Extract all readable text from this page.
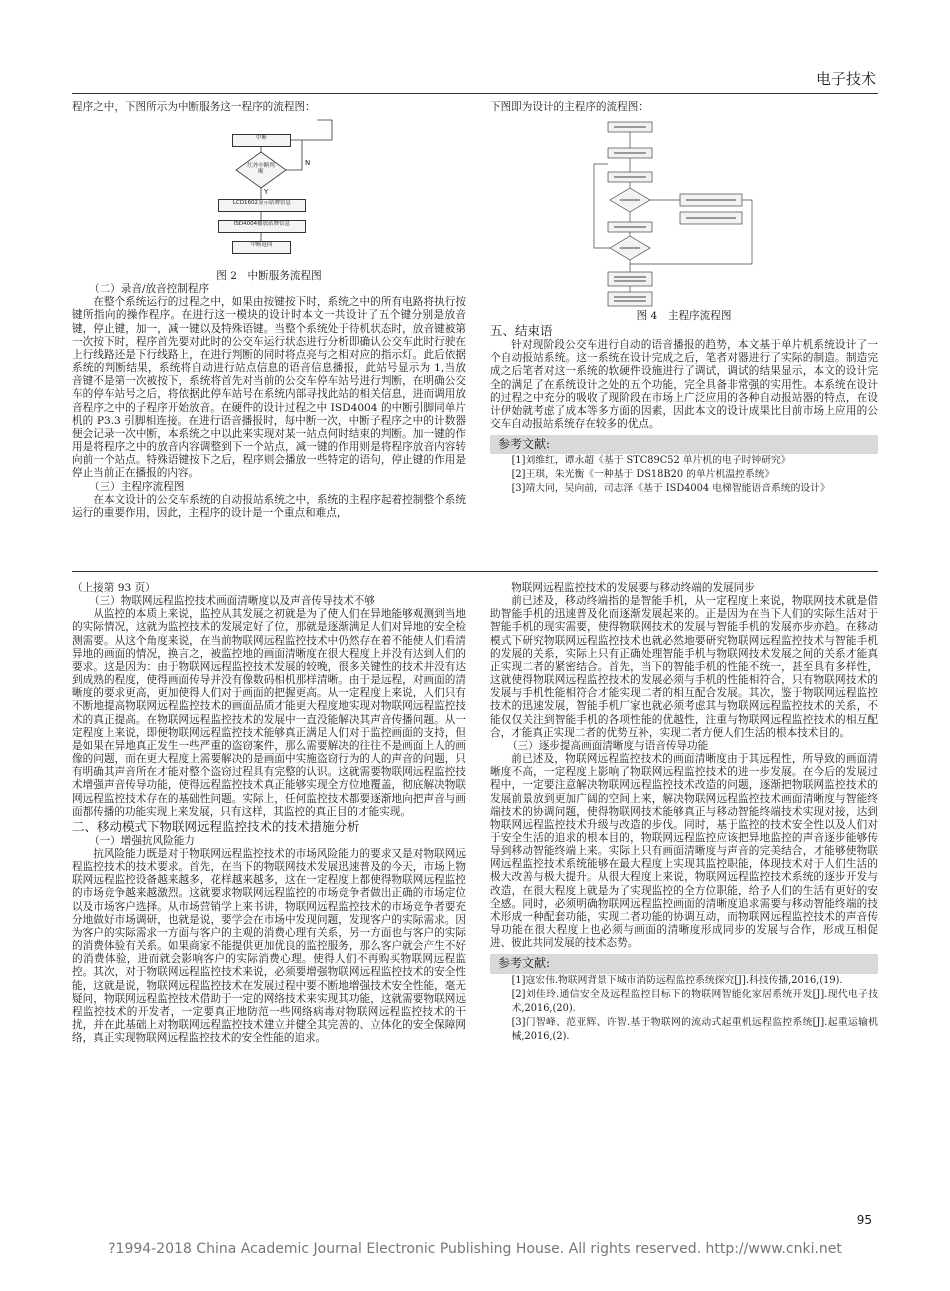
电子技术

程序之中，下图所示为中断服务这一程序的流程图：

中断
红外中断判断
LCD1602显示站牌信息
ISD4004播放站牌信息
中断返回
N
Y

图 2　中断服务流程图

（二）录音/放音控制程序

在整个系统运行的过程之中，如果由按键按下时，系统之中的所有电路将执行按键所指向的操作程序。在进行这一模块的设计时本文一共设计了五个键分别是放音键，停止键，加一，减一键以及特殊语键。当整个系统处于待机状态时，放音键被第一次按下时，程序首先要对此时的公交车运行状态进行分析即确认公交车此时行驶在上行线路还是下行线路上，在进行判断的同时将点亮与之相对应的指示灯。此后依据系统的判断结果，系统将自动进行站点信息的语音信息播报，此站号显示为 1,当放音键不是第一次被按下，系统将首先对当前的公交车停车站号进行判断，在明确公交车的停车站号之后，将依据此停车站号在系统内部寻找此站的相关信息，进而调用放音程序之中的子程序开始放音。在硬件的设计过程之中 ISD4004 的中断引脚同单片机的 P3.3 引脚相连接。在进行语音播报时，每中断一次，中断子程序之中的计数器便会记录一次中断，本系统之中以此来实现对某一站点何时结束的判断。加一键的作用是将程序之中的放音内容调整到下一个站点，减一键的作用则是将程序放音内容转向前一个站点。特殊语键按下之后，程序则会播放一些特定的语句，停止键的作用是停止当前正在播报的内容。

（三）主程序流程图

在本文设计的公交车系统的自动报站系统之中，系统的主程序起着控制整个系统运行的重要作用，因此，主程序的设计是一个重点和难点，

下图即为设计的主程序的流程图：

图 4　主程序流程图

五、结束语

针对现阶段公交车进行自动的语音播报的趋势，本文基于单片机系统设计了一个自动报站系统。这一系统在设计完成之后，笔者对器进行了实际的制造。制造完成之后笔者对这一系统的软硬件设施进行了调试，调试的结果显示，本文的设计完全的满足了在系统设计之处的五个功能，完全具备非常强的实用性。本系统在设计的过程之中充分的吸收了现阶段在市场上广泛应用的各种自动报站器的特点，在设计伊始就考虑了成本等多方面的因素，因此本文的设计成果比目前市场上应用的公交车自动报站系统存在较多的优点。

参考文献:

[1]刘维红，谭永超《基于 STC89C52 单片机的电子时钟研究》

[2]王琪，朱光衡《一种基于 DS18B20 的单片机温控系统》

[3]靖大同，吴向前，司志泽《基于 ISD4004 电梯智能语音系统的设计》

（上接第 93 页）

（三）物联网远程监控技术画面清晰度以及声音传导技术不够

从监控的本质上来说，监控从其发展之初就是为了使人们在异地能够观测到当地的实际情况，这就为监控技术的发展定好了位，那就是逐渐满足人们对异地的安全检测需要。从这个角度来说，在当前物联网远程监控技术中仍然存在着不能使人们看清异地的画面的情况，换言之，被监控地的画面清晰度在很大程度上并没有达到人们的要求。这是因为：由于物联网远程监控技术发展的较晚，很多关键性的技术并没有达到成熟的程度，使得画面传导并没有像数码相机那样清晰。由于是远程，对画面的清晰度的要求更高，更加使得人们对于画面的把握更高。从一定程度上来说，人们只有不断地提高物联网远程监控技术的画面品质才能更大程度地实现对物联网远程监控技术的真正提高。在物联网远程监控技术的发展中一直没能解决其声音传播问题。从一定程度上来说，即便物联网远程监控技术能够真正满足人们对于监控画面的支持，但是如果在异地真正发生一些严重的盗窃案件，那么需要解决的往往不是画面上人的画像的问题，而在更大程度上需要解决的是画面中实施盗窃行为的人的声音的问题，只有明确其声音所在才能对整个盗窃过程具有完整的认识。这就需要物联网远程监控技术增强声音传导功能，使得远程监控技术真正能够实现全方位地覆盖，彻底解决物联网远程监控技术存在的基础性问题。实际上，任何监控技术都要逐渐地向把声音与画面都传播的功能实现上来发展，只有这样，其监控的真正目的才能实现。

二、移动模式下物联网远程监控技术的技术措施分析

（一）增强抗风险能力

抗风险能力既是对于物联网远程监控技术的市场风险能力的要求又是对物联网远程监控技术的技术要求。首先，在当下的物联网技术发展迅速普及的今天，市场上物联网远程监控设备越来越多，花样越来越多，这在一定程度上都使得物联网远程监控的市场竞争越来越激烈。这就要求物联网远程监控的市场竞争者做出正确的市场定位以及市场客户选择。从市场营销学上来书讲，物联网远程监控技术的市场竞争者要充分地做好市场调研，也就是说，要学会在市场中发现问题，发现客户的实际需求。因为客户的实际需求一方面与客户的主观的消费心理有关系，另一方面也与客户的实际的消费体验有关系。如果商家不能提供更加优良的监控服务，那么客户就会产生不好的消费体验，进而就会影响客户的实际消费心理。使得人们不再购买物联网远程监控。其次，对于物联网远程监控技术来说，必须要增强物联网远程监控技术的安全性能，这就是说，物联网远程监控技术在发展过程中要不断地增强技术安全性能，毫无疑问，物联网远程监控技术借助于一定的网络技术来实现其功能，这就需要物联网远程监控技术的开发者，一定要真正地防范一些网络病毒对物联网远程监控技术的干扰，并在此基础上对物联网远程监控技术建立并健全其完善的、立体化的安全保障网络，真正实现物联网远程监控技术的安全性能的追求。

物联网远程监控技术的发展要与移动终端的发展同步

前已述及，移动终端指的是智能手机，从一定程度上来说，物联网技术就是借助智能手机的迅速普及化而逐渐发展起来的。正是因为在当下人们的实际生活对于智能手机的现实需要，使得物联网技术的发展与智能手机的发展亦步亦趋。在移动模式下研究物联网远程监控技术也就必然地要研究物联网远程监控技术与智能手机的发展的关系，实际上只有正确处理智能手机与物联网技术发展之间的关系才能真正实现二者的紧密结合。首先，当下的智能手机的性能不统一，甚至具有多样性，这就使得物联网远程监控技术的发展必须与手机的性能相符合，只有物联网技术的发展与手机性能相符合才能实现二者的相互配合发展。其次，鉴于物联网远程监控技术的迅速发展，智能手机厂家也就必须考虑其与物联网远程监控技术的关系，不能仅仅关注到智能手机的各项性能的优越性，注重与物联网远程监控技术的相互配合，才能真正实现二者的优势互补，实现二者方便人们生活的根本技术目的。

（三）逐步提高画面清晰度与语音传导功能

前已述及，物联网远程监控技术的画面清晰度由于其远程性，所导致的画面清晰度不高，一定程度上影响了物联网远程监控技术的进一步发展。在今后的发展过程中，一定要注意解决物联网远程监控技术改造的问题，逐渐把物联网监控技术的发展前景放到更加广阔的空间上来，解决物联网远程监控技术画面清晰度与智能终端技术的协调问题，使得物联网技术能够真正与移动智能终端技术实现对接，达到物联网远程监控技术升级与改造的步伐。同时，基于监控的技术安全性以及人们对于安全生活的追求的根本目的，物联网远程监控应该把异地监控的声音逐步能够传导到移动智能终端上来。实际上只有画面清晰度与声音的完美结合，才能够使物联网远程监控技术系统能够在最大程度上实现其监控职能，体现技术对于人们生活的极大改善与极大提升。从很大程度上来说，物联网远程监控技术系统的逐步开发与改造，在很大程度上就是为了实现监控的全方位职能，给予人们的生活有更好的安全感。同时，必须明确物联网远程监控画面的清晰度追求需要与移动智能终端的技术形成一种配套功能，实现二者功能的协调互动，而物联网远程监控技术的声音传导功能在很大程度上也必须与画面的清晰度形成同步的发展与合作，形成互相促进、彼此共同发展的技术态势。

参考文献:

[1]寇宏伟.物联网背景下城市消防远程监控系统探究[J].科技传播,2016,(19).

[2]刘佳玲.通信安全及远程监控目标下的物联网智能化家居系统开发[J].现代电子技术,2016,(20).

[3]门智峰、范亚辉、许智.基于物联网的流动式起重机远程监控系统[J].起重运输机械,2016,(2).

95
?1994-2018 China Academic Journal Electronic Publishing House. All rights reserved. http://www.cnki.net
